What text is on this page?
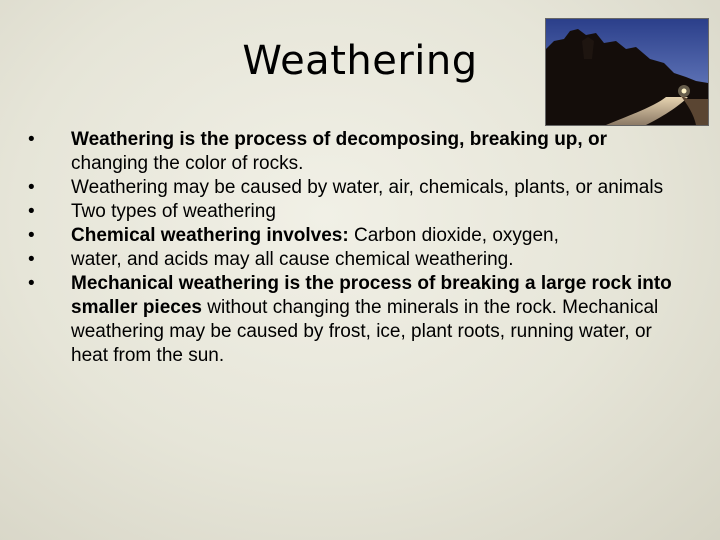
Weathering
•	Weathering is the process of decomposing, breaking up, or changing the color of rocks.
•	Weathering may be caused by water, air, chemicals, plants, or animals
•	Two types of weathering
•	Chemical weathering involves: Carbon dioxide, oxygen,
•	water, and acids may all cause chemical weathering.
•	Mechanical weathering is the process of breaking a large rock into smaller pieces without changing the minerals in the rock. Mechanical weathering may be caused by frost, ice, plant roots, running water, or heat from the sun.
